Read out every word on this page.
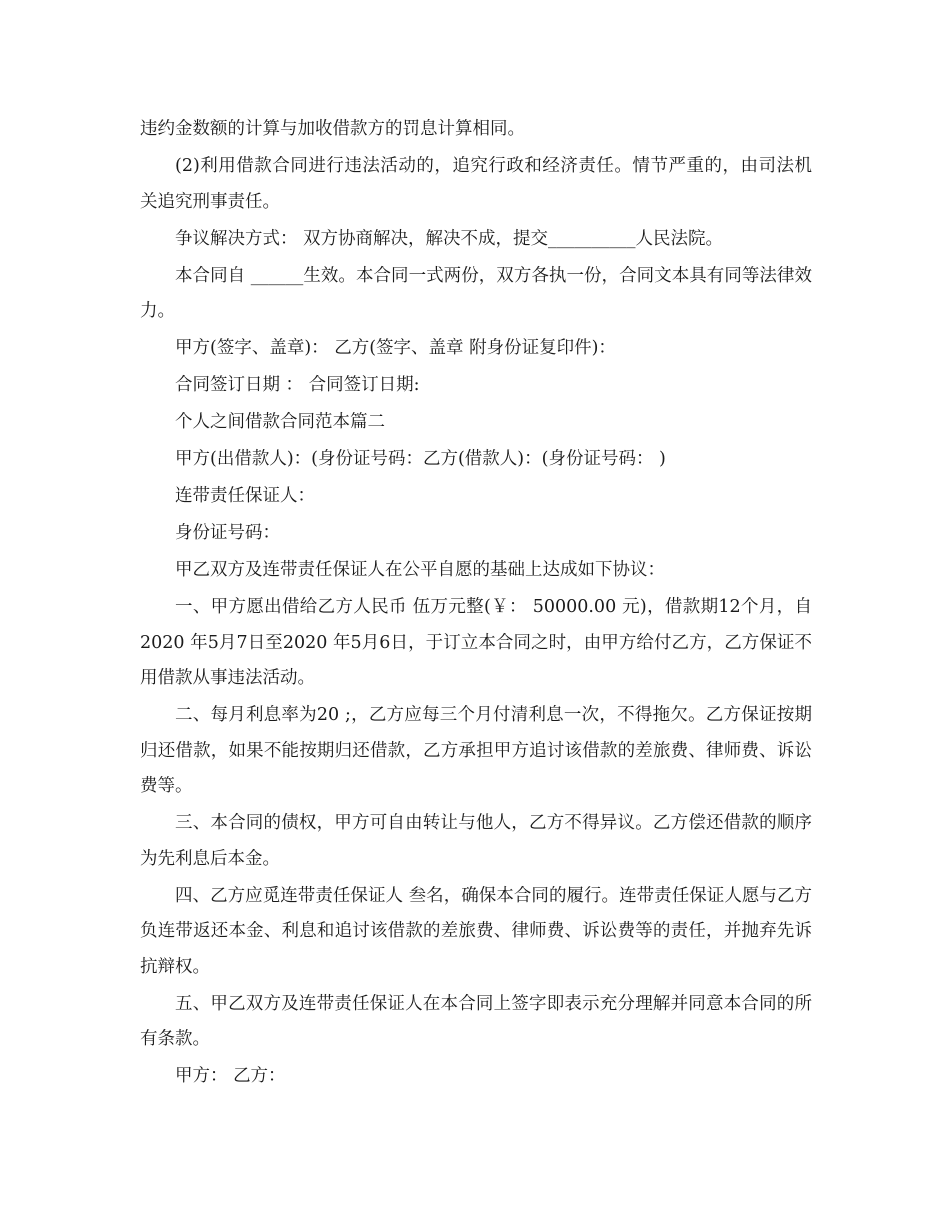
违约金数额的计算与加收借款方的罚息计算相同。

(2)利用借款合同进行违法活动的，追究行政和经济责任。情节严重的，由司法机关追究刑事责任。

争议解决方式： 双方协商解决，解决不成，提交__________人民法院。

本合同自 ______生效。本合同一式两份，双方各执一份，合同文本具有同等法律效力。

甲方(签字、盖章)： 乙方(签字、盖章 附身份证复印件)：

合同签订日期 ： 合同签订日期:

个人之间借款合同范本篇二

甲方(出借款人)：(身份证号码：乙方(借款人)：(身份证号码： )

连带责任保证人：

身份证号码：

甲乙双方及连带责任保证人在公平自愿的基础上达成如下协议：

一、甲方愿出借给乙方人民币 伍万元整(￥： 50000.00 元)，借款期12个月，自2020 年5月7日至2020 年5月6日，于订立本合同之时，由甲方给付乙方，乙方保证不用借款从事违法活动。

二、每月利息率为20 ;，乙方应每三个月付清利息一次，不得拖欠。乙方保证按期归还借款，如果不能按期归还借款，乙方承担甲方追讨该借款的差旅费、律师费、诉讼费等。

三、本合同的债权，甲方可自由转让与他人，乙方不得异议。乙方偿还借款的顺序为先利息后本金。

四、乙方应觅连带责任保证人 叁名，确保本合同的履行。连带责任保证人愿与乙方负连带返还本金、利息和追讨该借款的差旅费、律师费、诉讼费等的责任，并抛弃先诉抗辩权。

五、甲乙双方及连带责任保证人在本合同上签字即表示充分理解并同意本合同的所有条款。

甲方： 乙方：
